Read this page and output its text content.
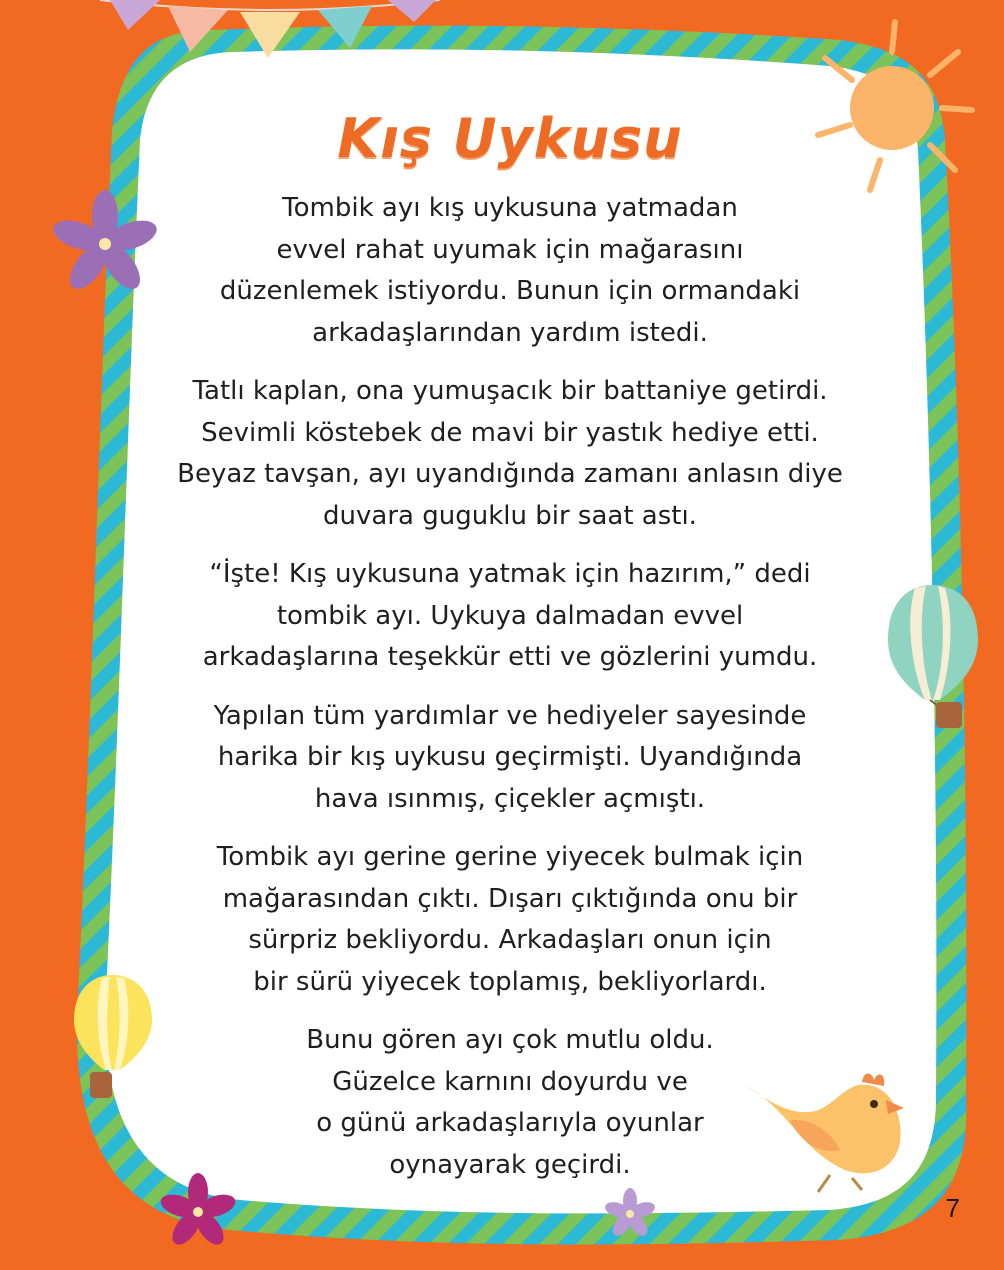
Kış Uykusu
Tombik ayı kış uykusuna yatmadan
evvel rahat uyumak için mağarasını
düzenlemek istiyordu. Bunun için ormandaki
arkadaşlarından yardım istedi.
Tatlı kaplan, ona yumuşacık bir battaniye getirdi.
Sevimli köstebek de mavi bir yastık hediye etti.
Beyaz tavşan, ayı uyandığında zamanı anlasın diye
duvara guguklu bir saat astı.
“İşte! Kış uykusuna yatmak için hazırım,” dedi
tombik ayı. Uykuya dalmadan evvel
arkadaşlarına teşekkür etti ve gözlerini yumdu.
Yapılan tüm yardımlar ve hediyeler sayesinde
harika bir kış uykusu geçirmişti. Uyandığında
hava ısınmış, çiçekler açmıştı.
Tombik ayı gerine gerine yiyecek bulmak için
mağarasından çıktı. Dışarı çıktığında onu bir
sürpriz bekliyordu. Arkadaşları onun için
bir sürü yiyecek toplamış, bekliyorlardı.
Bunu gören ayı çok mutlu oldu.
Güzelce karnını doyurdu ve
o günü arkadaşlarıyla oyunlar
oynayarak geçirdi.
7
